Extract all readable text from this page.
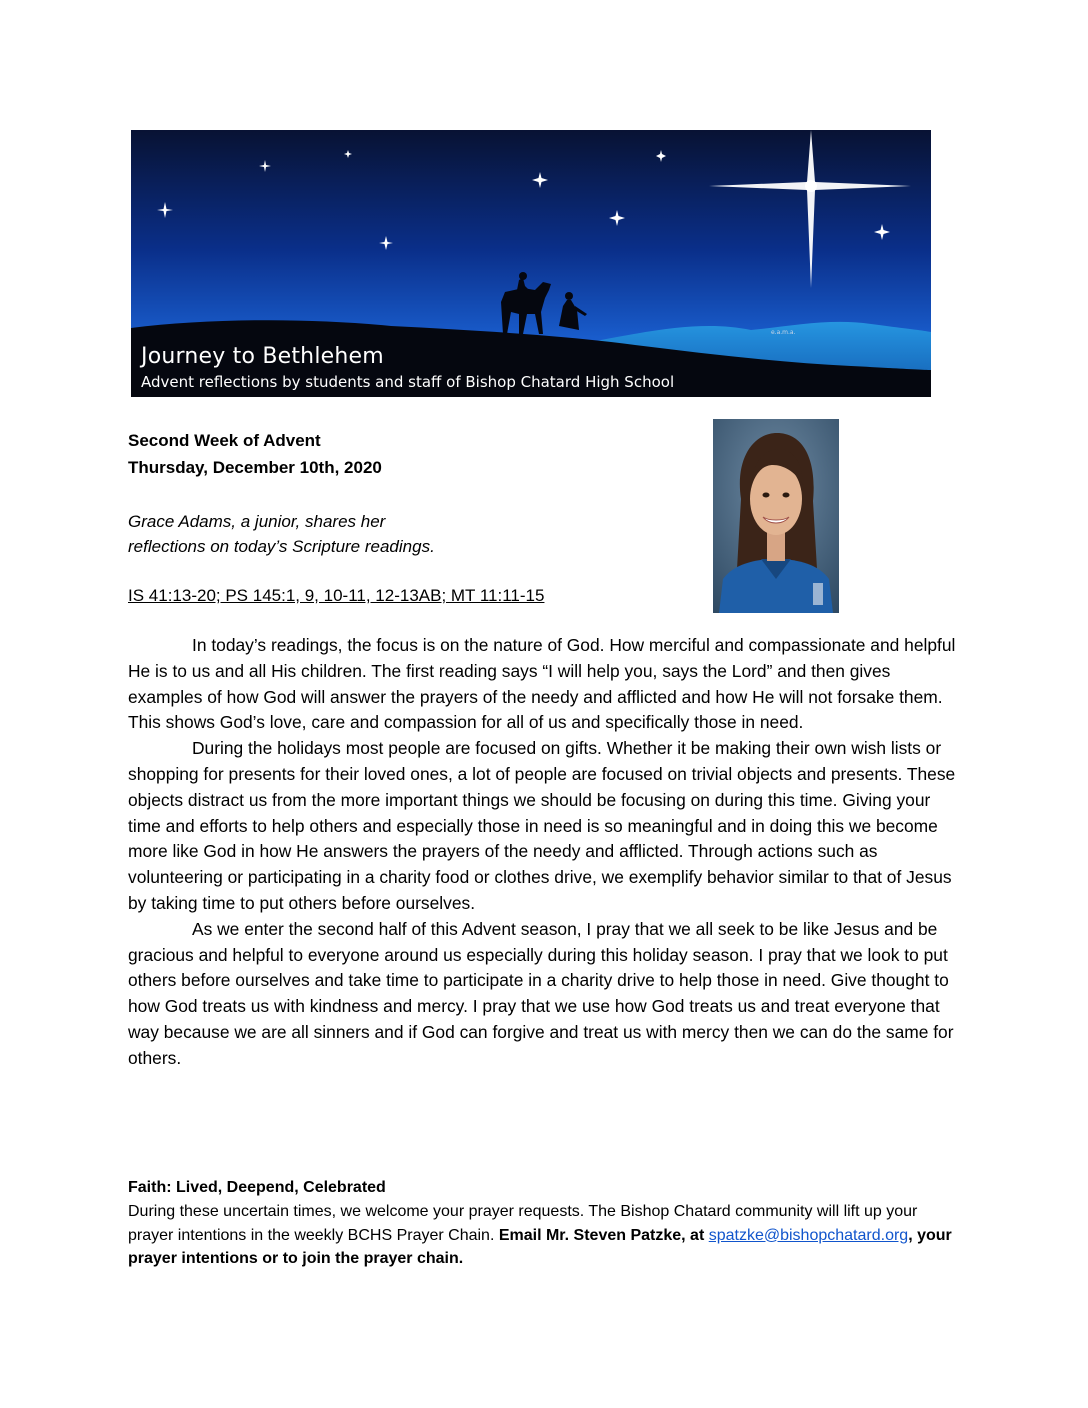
e.a.m.a.
Journey to Bethlehem
Advent reflections by students and staff of Bishop Chatard High School
Second Week of Advent
Thursday, December 10th, 2020
Grace Adams, a junior, shares her
reflections on today’s Scripture readings.
IS 41:13-20; PS 145:1, 9, 10-11, 12-13AB; MT 11:11-15

In today’s readings, the focus is on the nature of God. How merciful and compassionate and helpful He is to us and all His children. The first reading says “I will help you, says the Lord” and then gives examples of how God will answer the prayers of the needy and afflicted and how He will not forsake them. This shows God’s love, care and compassion for all of us and specifically those in need.

During the holidays most people are focused on gifts. Whether it be making their own wish lists or shopping for presents for their loved ones, a lot of people are focused on trivial objects and presents. These objects distract us from the more important things we should be focusing on during this time. Giving your time and efforts to help others and especially those in need is so meaningful and in doing this we become more like God in how He answers the prayers of the needy and afflicted. Through actions such as volunteering or participating in a charity food or clothes drive, we exemplify behavior similar to that of Jesus by taking time to put others before ourselves.

As we enter the second half of this Advent season, I pray that we all seek to be like Jesus and be gracious and helpful to everyone around us especially during this holiday season. I pray that we look to put others before ourselves and take time to participate in a charity drive to help those in need. Give thought to how God treats us with kindness and mercy. I pray that we use how God treats us and treat everyone that way because we are all sinners and if God can forgive and treat us with mercy then we can do the same for others.

Faith: Lived, Deepend, Celebrated
During these uncertain times, we welcome your prayer requests. The Bishop Chatard community will lift up your prayer intentions in the weekly BCHS Prayer Chain. Email Mr. Steven Patzke, at spatzke@bishopchatard.org, your prayer intentions or to join the prayer chain.
